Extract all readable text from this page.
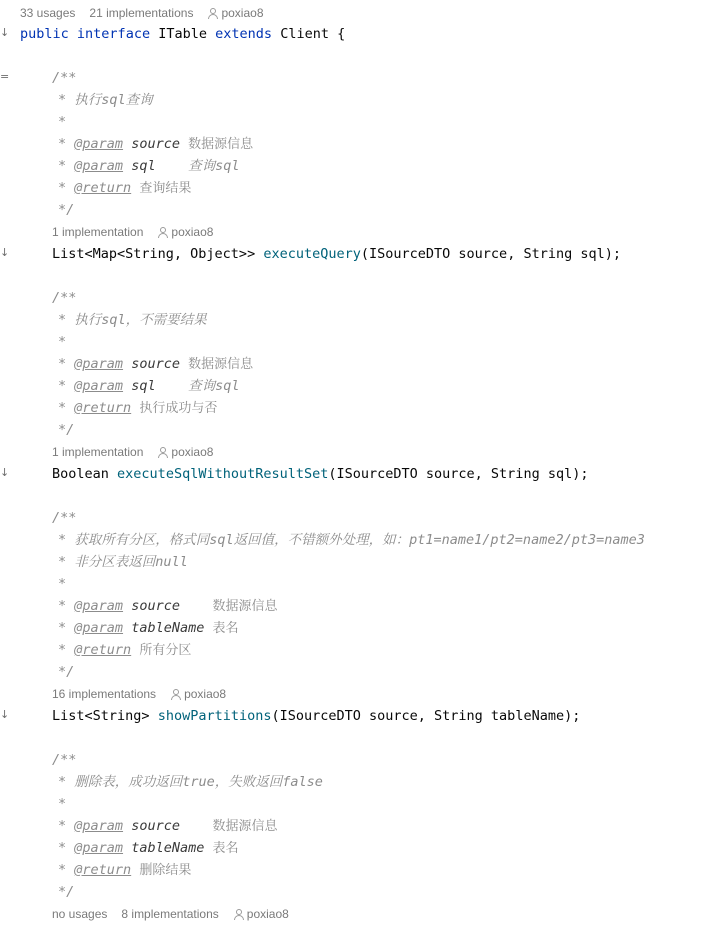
33 usages 21 implementations poxiao8
↓ public interface ITable extends Client {
=	/**
* 执行sql查询
*
* @param source 数据源信息
* @param sql 查询sql
* @return 查询结果
*/
1 implementation poxiao8
↓	List<Map<String, Object>> executeQuery(ISourceDTO source, String sql);
/**
* 执行sql，不需要结果
*
* @param source 数据源信息
* @param sql 查询sql
* @return 执行成功与否
*/
1 implementation poxiao8
↓	Boolean executeSqlWithoutResultSet(ISourceDTO source, String sql);
/**
* 获取所有分区，格式同sql返回值，不错额外处理，如：pt1=name1/pt2=name2/pt3=name3
* 非分区表返回null
*
* @param source	数据源信息
* @param tableName 表名
* @return 所有分区
*/
16 implementations poxiao8
↓	List<String> showPartitions(ISourceDTO source, String tableName);
/**
* 删除表，成功返回true，失败返回false
*
* @param source	数据源信息
* @param tableName 表名
* @return 删除结果
*/
no usages 8 implementations poxiao8
